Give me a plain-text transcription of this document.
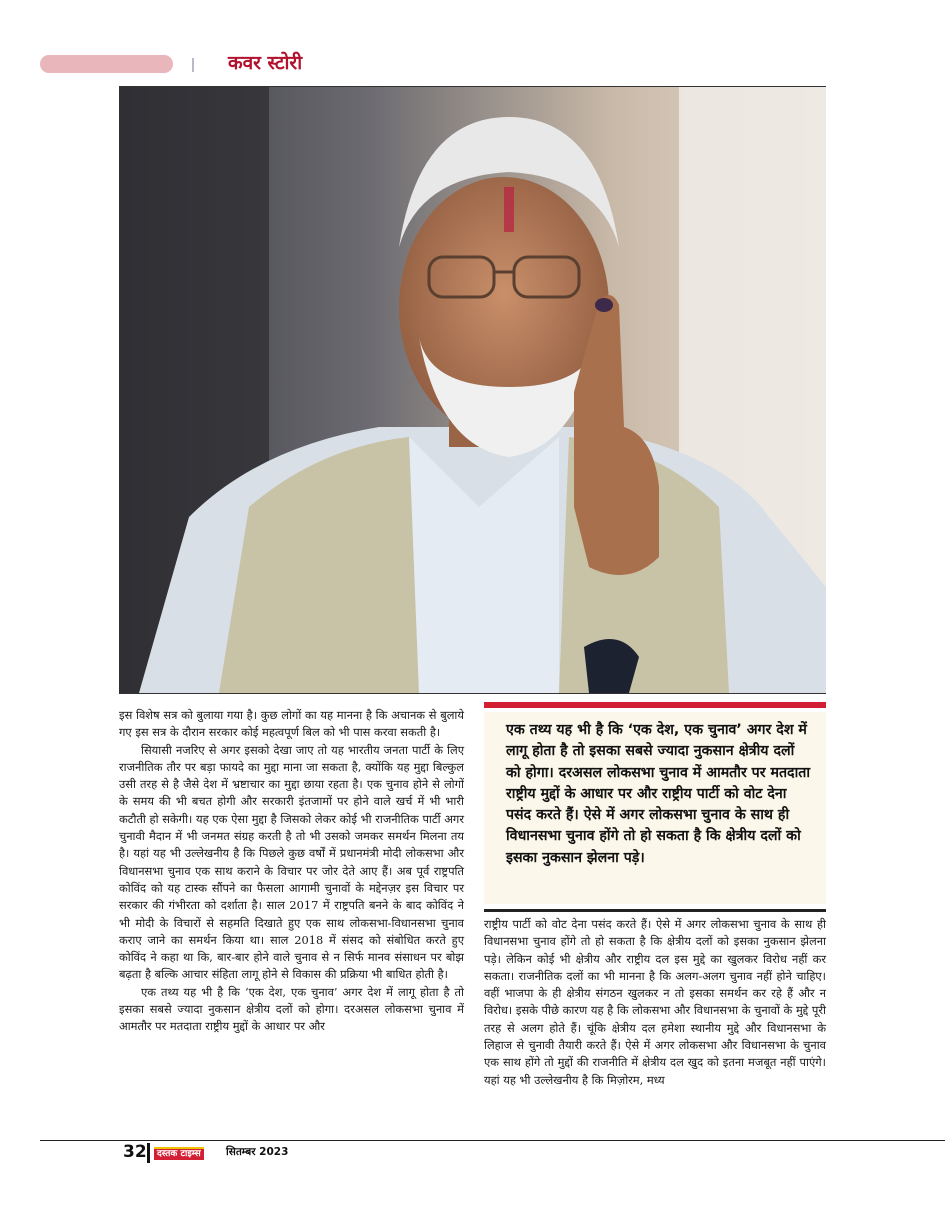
कवर स्टोरी

इस विशेष सत्र को बुलाया गया है। कुछ लोगों का यह मानना है कि अचानक से बुलाये गए इस सत्र के दौरान सरकार कोई महत्वपूर्ण बिल को भी पास करवा सकती है।

सियासी नजरिए से अगर इसको देखा जाए तो यह भारतीय जनता पार्टी के लिए राजनीतिक तौर पर बड़ा फायदे का मुद्दा माना जा सकता है, क्योंकि यह मुद्दा बिल्कुल उसी तरह से है जैसे देश में भ्रष्टाचार का मुद्दा छाया रहता है। एक चुनाव होने से लोगों के समय की भी बचत होगी और सरकारी इंतजामों पर होने वाले खर्च में भी भारी कटौती हो सकेगी। यह एक ऐसा मुद्दा है जिसको लेकर कोई भी राजनीतिक पार्टी अगर चुनावी मैदान में भी जनमत संग्रह करती है तो भी उसको जमकर समर्थन मिलना तय है। यहां यह भी उल्लेखनीय है कि पिछले कुछ वर्षों में प्रधानमंत्री मोदी लोकसभा और विधानसभा चुनाव एक साथ कराने के विचार पर जोर देते आए हैं। अब पूर्व राष्ट्रपति कोविंद को यह टास्क सौंपने का फैसला आगामी चुनावों के मद्देनज़र इस विचार पर सरकार की गंभीरता को दर्शाता है। साल 2017 में राष्ट्रपति बनने के बाद कोविंद ने भी मोदी के विचारों से सहमति दिखाते हुए एक साथ लोकसभा-विधानसभा चुनाव कराए जाने का समर्थन किया था। साल 2018 में संसद को संबोधित करते हुए कोविंद ने कहा था कि, बार-बार होने वाले चुनाव से न सिर्फ मानव संसाधन पर बोझ बढ़ता है बल्कि आचार संहिता लागू होने से विकास की प्रक्रिया भी बाधित होती है।

एक तथ्य यह भी है कि ‘एक देश, एक चुनाव’ अगर देश में लागू होता है तो इसका सबसे ज्यादा नुकसान क्षेत्रीय दलों को होगा। दरअसल लोकसभा चुनाव में आमतौर पर मतदाता राष्ट्रीय मुद्दों के आधार पर और

एक तथ्य यह भी है कि ‘एक देश, एक चुनाव’ अगर देश में लागू होता है तो इसका सबसे ज्यादा नुकसान क्षेत्रीय दलों को होगा। दरअसल लोकसभा चुनाव में आमतौर पर मतदाता राष्ट्रीय मुद्दों के आधार पर और राष्ट्रीय पार्टी को वोट देना पसंद करते हैं। ऐसे में अगर लोकसभा चुनाव के साथ ही विधानसभा चुनाव होंगे तो हो सकता है कि क्षेत्रीय दलों को इसका नुकसान झेलना पड़े।

राष्ट्रीय पार्टी को वोट देना पसंद करते हैं। ऐसे में अगर लोकसभा चुनाव के साथ ही विधानसभा चुनाव होंगे तो हो सकता है कि क्षेत्रीय दलों को इसका नुकसान झेलना पड़े। लेकिन कोई भी क्षेत्रीय और राष्ट्रीय दल इस मुद्दे का खुलकर विरोध नहीं कर सकता। राजनीतिक दलों का भी मानना है कि अलग-अलग चुनाव नहीं होने चाहिए। वहीं भाजपा के ही क्षेत्रीय संगठन खुलकर न तो इसका समर्थन कर रहे हैं और न विरोध। इसके पीछे कारण यह है कि लोकसभा और विधानसभा के चुनावों के मुद्दे पूरी तरह से अलग होते हैं। चूंकि क्षेत्रीय दल हमेशा स्थानीय मुद्दे और विधानसभा के लिहाज से चुनावी तैयारी करते हैं। ऐसे में अगर लोकसभा और विधानसभा के चुनाव एक साथ होंगे तो मुद्दों की राजनीति में क्षेत्रीय दल खुद को इतना मजबूत नहीं पाएंगे। यहां यह भी उल्लेखनीय है कि मिज़ोरम, मध्य

32	दस्तक टाइम्स सितम्बर 2023
